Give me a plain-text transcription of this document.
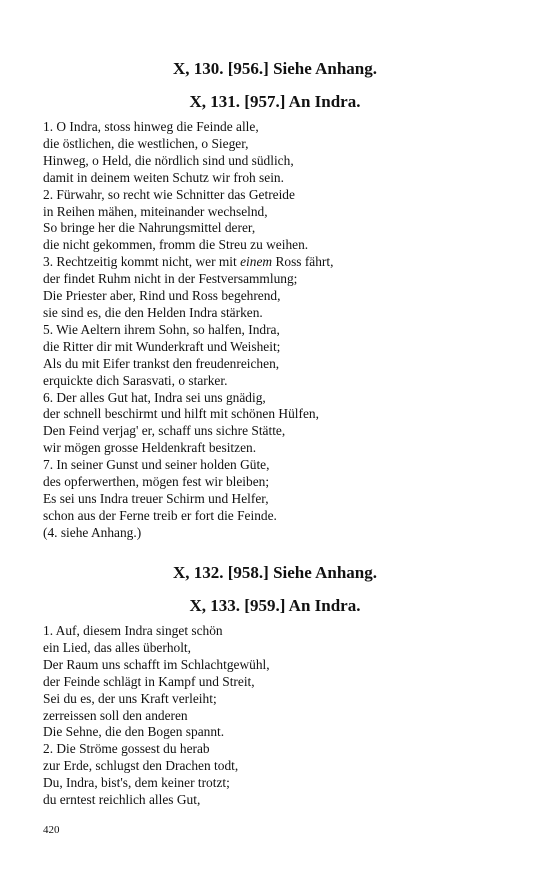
X, 130. [956.] Siehe Anhang.
X, 131. [957.] An Indra.

1. O Indra, stoss hinweg die Feinde alle,

die östlichen, die westlichen, o Sieger,

Hinweg, o Held, die nördlich sind und südlich,

damit in deinem weiten Schutz wir froh sein.

2. Fürwahr, so recht wie Schnitter das Getreide

in Reihen mähen, miteinander wechselnd,

So bringe her die Nahrungsmittel derer,

die nicht gekommen, fromm die Streu zu weihen.

3. Rechtzeitig kommt nicht, wer mit einem Ross fährt,

der findet Ruhm nicht in der Festversammlung;

Die Priester aber, Rind und Ross begehrend,

sie sind es, die den Helden Indra stärken.

5. Wie Aeltern ihrem Sohn, so halfen, Indra,

die Ritter dir mit Wunderkraft und Weisheit;

Als du mit Eifer trankst den freudenreichen,

erquickte dich Sarasvati, o starker.

6. Der alles Gut hat, Indra sei uns gnädig,

der schnell beschirmt und hilft mit schönen Hülfen,

Den Feind verjag' er, schaff uns sichre Stätte,

wir mögen grosse Heldenkraft besitzen.

7. In seiner Gunst und seiner holden Güte,

des opferwerthen, mögen fest wir bleiben;

Es sei uns Indra treuer Schirm und Helfer,

schon aus der Ferne treib er fort die Feinde.

(4. siehe Anhang.)

X, 132. [958.] Siehe Anhang.
X, 133. [959.] An Indra.

1. Auf, diesem Indra singet schön

ein Lied, das alles überholt,

Der Raum uns schafft im Schlachtgewühl,

der Feinde schlägt in Kampf und Streit,

Sei du es, der uns Kraft verleiht;

zerreissen soll den anderen

Die Sehne, die den Bogen spannt.

2. Die Ströme gossest du herab

zur Erde, schlugst den Drachen todt,

Du, Indra, bist's, dem keiner trotzt;

du erntest reichlich alles Gut,

420
